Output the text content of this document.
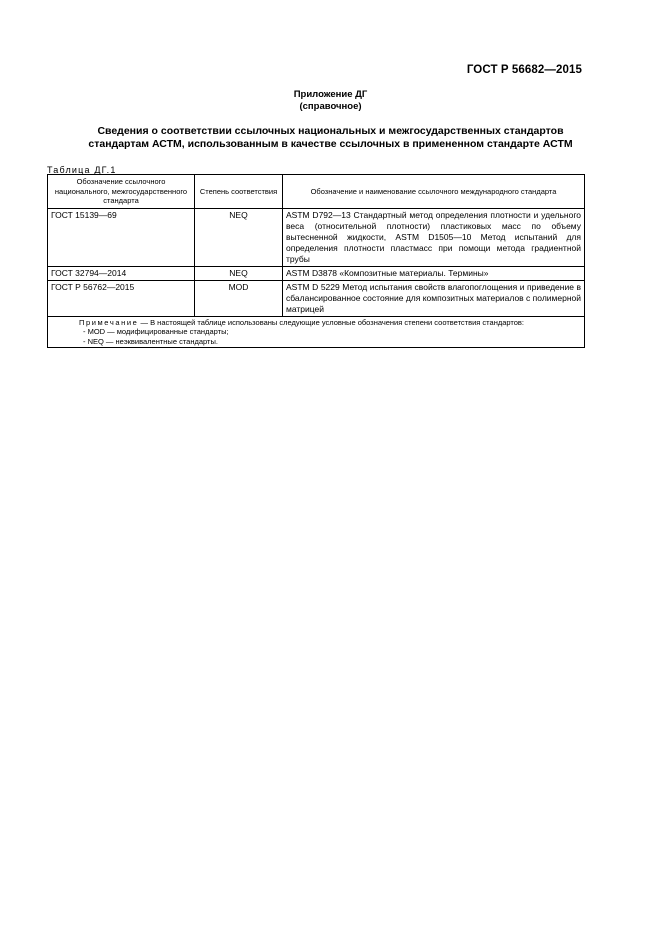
ГОСТ Р 56682—2015
Приложение ДГ
(справочное)
Сведения о соответствии ссылочных национальных и межгосударственных стандартов
стандартам АСТМ, использованным в качестве ссылочных в примененном стандарте АСТМ
Таблица ДГ.1
Обозначение ссылочного национального, межгосударственного стандарта	Степень соответствия	Обозначение и наименование ссылочного международного стандарта
ГОСТ 15139—69	NEQ	ASTM D792—13 Стандартный метод определения плотности и удельного веса (относительной плотности) пластиковых масс по объему вытесненной жидкости, ASTM D1505—10 Метод испытаний для определения плотности пластмасс при помощи метода градиентной трубы
ГОСТ 32794—2014	NEQ	ASTM D3878 «Композитные материалы. Термины»
ГОСТ Р 56762—2015	MOD	ASTM D 5229 Метод испытания свойств влагопоглощения и приведение в сбалансированное состояние для композитных материалов с полимерной матрицей

Примечание — В настоящей таблице использованы следующие условные обозначения степени соответствия стандартов:
- MOD — модифицированные стандарты;
- NEQ — неэквивалентные стандарты.		
